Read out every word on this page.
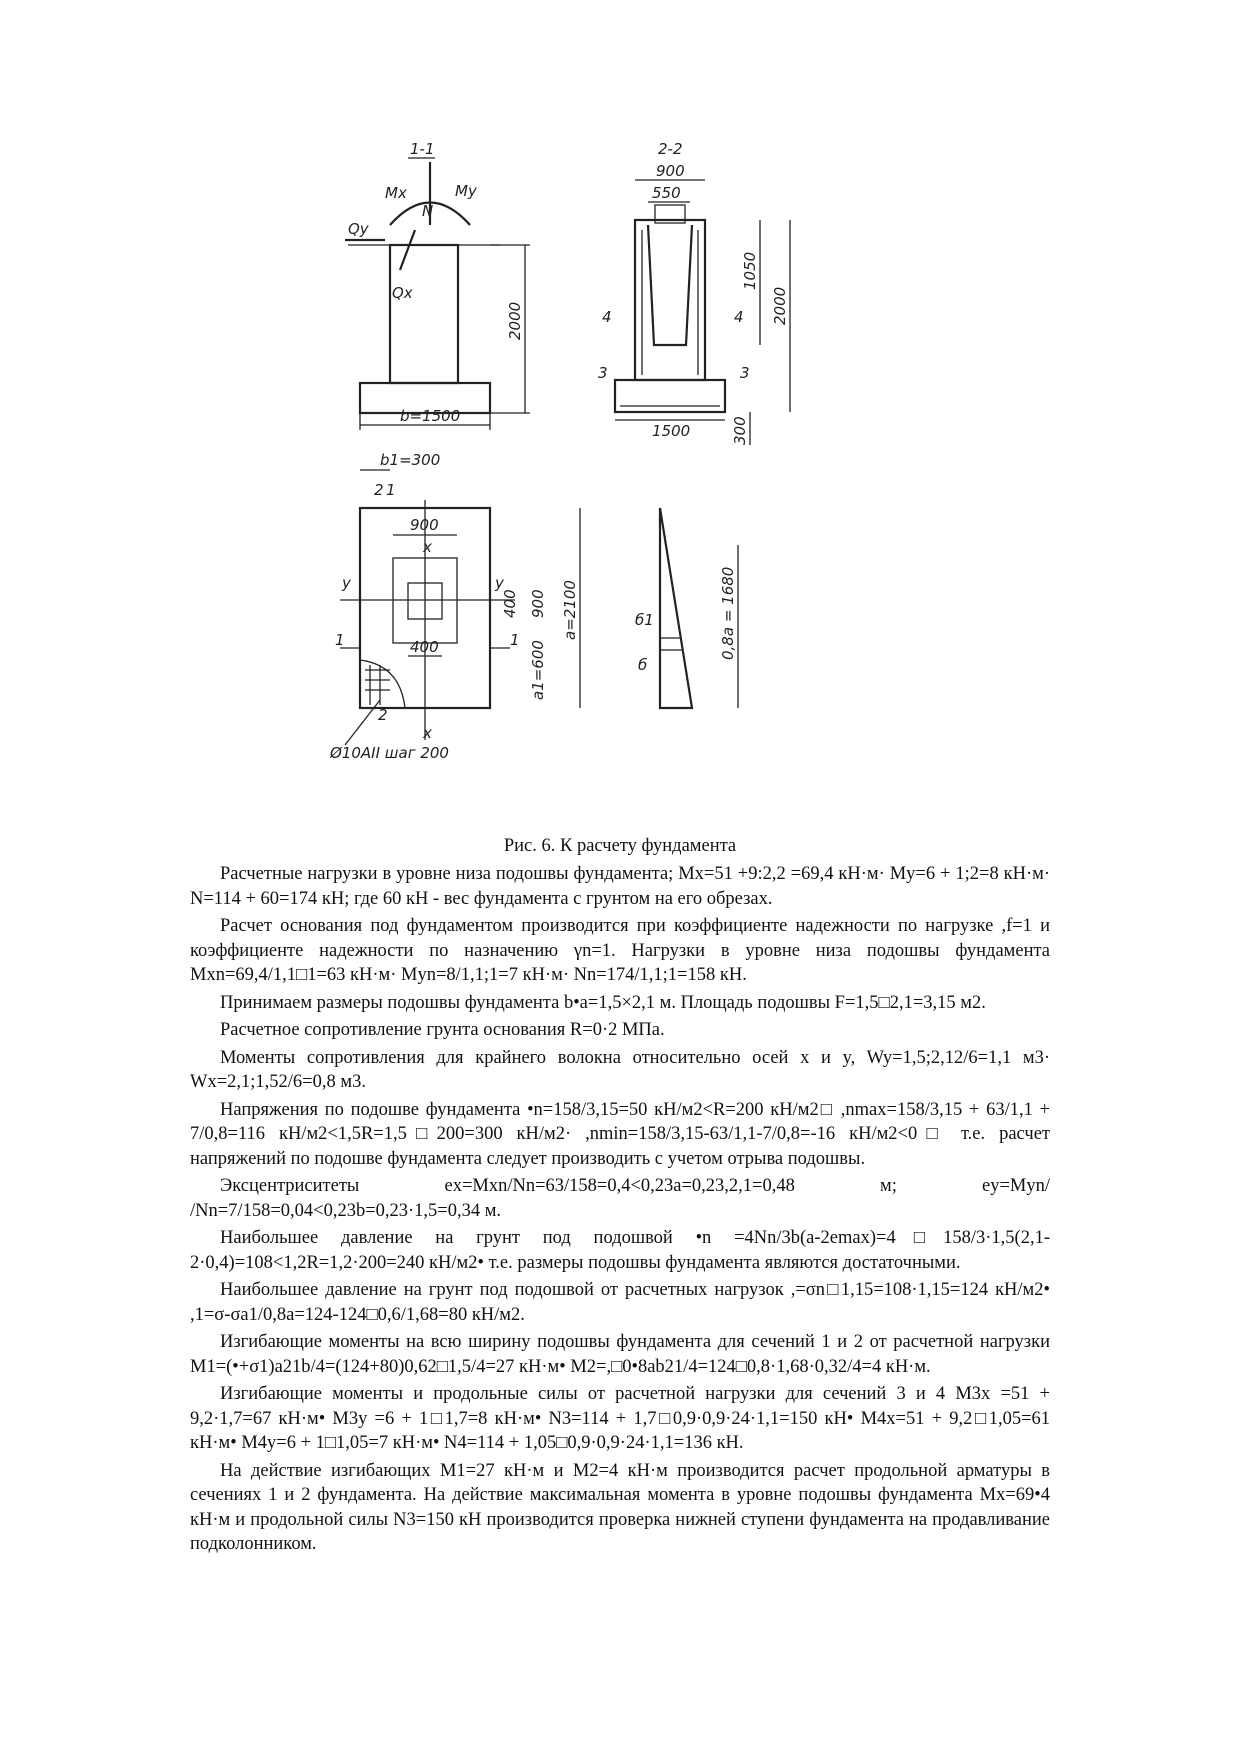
1-1
Mx	My
N
Qy
Qx
2000
b=1500
2-2
900
550
4	4
3	3
1050
2000
1500	300
b1=300
2 1
900
x
y	y
400 900 a=2100
400	a1=600
1	1
2
x
Ø10AII шаг 200
б1
б
0,8a = 1680
Рис. 6. К расчету фундамента

Расчетные нагрузки в уровне низа подошвы фундамента; Mx=51 +9:2,2 =69,4 кН·м· My=6 + 1;2=8 кН·м· N=114 + 60=174 кН; где 60 кН - вес фундамента с грунтом на его обрезах.

Расчет основания под фундаментом производится при коэффициенте надежности по нагрузке ,f=1 и коэффициенте надежности по назначению γn=1. Нагрузки в уровне низа подошвы фундамента Mxn=69,4/1,1□1=63 кН·м· Myn=8/1,1;1=7 кН·м· Nn=174/1,1;1=158 кН.

Принимаем размеры подошвы фундамента b•a=1,5×2,1 м. Площадь подошвы F=1,5□2,1=3,15 м2.

Расчетное сопротивление грунта основания R=0·2 МПа.

Моменты сопротивления для крайнего волокна относительно осей x и y, Wy=1,5;2,12/6=1,1 м3· Wx=2,1;1,52/6=0,8 м3.

Напряжения по подошве фундамента •n=158/3,15=50 кН/м2<R=200 кН/м2□ ,nmax=158/3,15 + 63/1,1 + 7/0,8=116 кН/м2<1,5R=1,5□200=300 кН/м2· ,nmin=158/3,15-63/1,1-7/0,8=-16 кН/м2<0□ т.е. расчет напряжений по подошве фундамента следует производить с учетом отрыва подошвы.

Эксцентриситеты ex=Mxn/Nn=63/158=0,4<0,23a=0,23,2,1=0,48 м; ey=Myn/ /Nn=7/158=0,04<0,23b=0,23·1,5=0,34 м.

Наибольшее давление на грунт под подошвой •n =4Nn/3b(a-2emax)=4□158/3·1,5(2,1-2·0,4)=108<1,2R=1,2·200=240 кН/м2• т.е. размеры подошвы фундамента являются достаточными.

Наибольшее давление на грунт под подошвой от расчетных нагрузок ,=σn□1,15=108·1,15=124 кН/м2• ,1=σ-σa1/0,8a=124-124□0,6/1,68=80 кН/м2.

Изгибающие моменты на всю ширину подошвы фундамента для сечений 1 и 2 от расчетной нагрузки M1=(•+σ1)a21b/4=(124+80)0,62□1,5/4=27 кН·м• M2=,□0•8ab21/4=124□0,8·1,68·0,32/4=4 кН·м.

Изгибающие моменты и продольные силы от расчетной нагрузки для сечений 3 и 4 M3x =51 + 9,2·1,7=67 кН·м• M3y =6 + 1□1,7=8 кН·м• N3=114 + 1,7□0,9·0,9·24·1,1=150 кН• M4x=51 + 9,2□1,05=61 кН·м• M4y=6 + 1□1,05=7 кН·м• N4=114 + 1,05□0,9·0,9·24·1,1=136 кН.

На действие изгибающих M1=27 кН·м и M2=4 кН·м производится расчет продольной арматуры в сечениях 1 и 2 фундамента. На действие максимальная момента в уровне подошвы фундамента Mx=69•4 кН·м и продольной силы N3=150 кН производится проверка нижней ступени фундамента на продавливание подколонником.
